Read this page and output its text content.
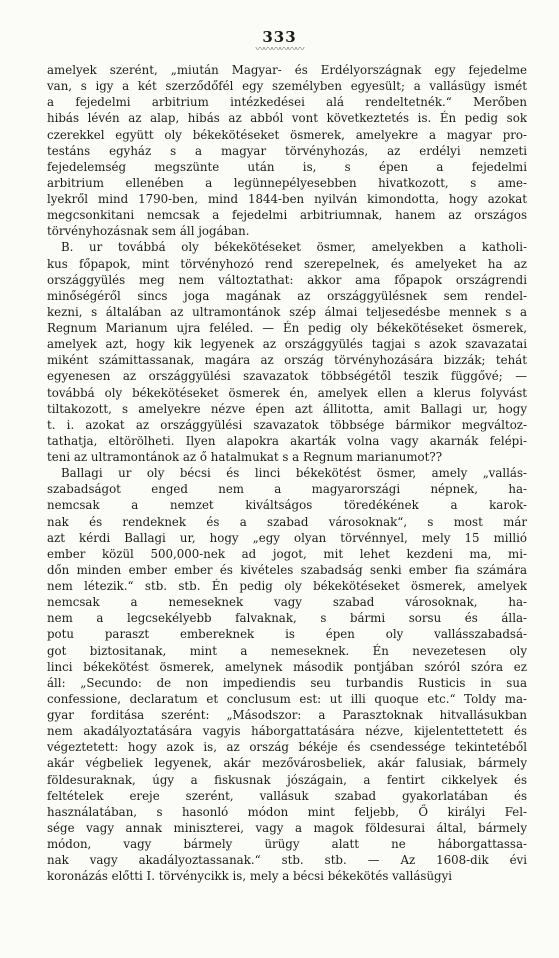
333
〰〰〰〰〰〰
amelyek szerént, „miután Magyar- és Erdélyországnak egy fejedelme
van, s igy a két szerződőfél egy személyben egyesült; a vallásügy ismét
a fejedelmi arbitrium intézkedései alá rendeltetnék.“ Merőben
hibás lévén az alap, hibás az abból vont következtetés is. Én pedig sok
czerekkel együtt oly békekötéseket ösmerek, amelyekre a magyar pro-
testáns egyház s a magyar törvényhozás, az erdélyi nemzeti
fejedelemség megszünte után is, s épen a fejedelmi
arbitrium ellenében a legünnepélyesebben hivatkozott, s ame-
lyekről mind 1790-ben, mind 1844-ben nyilván kimondotta, hogy azokat
megcsonkitani nemcsak a fejedelmi arbitriumnak, hanem az országos
törvényhozásnak sem áll jogában.
B. ur továbbá oly békekötéseket ösmer, amelyekben a katholi-
kus főpapok, mint törvényhozó rend szerepelnek, és amelyeket ha az
országgyülés meg nem változtathat: akkor ama főpapok országrendi
minőségéről sincs joga magának az országgyülésnek sem rendel-
kezni, s általában az ultramontánok szép álmai teljesedésbe mennek s a
Regnum Marianum ujra feléled. — Én pedig oly békekötéseket ösmerek,
amelyek azt, hogy kik legyenek az országgyülés tagjai s azok szavazatai
miként számittassanak, magára az ország törvényhozására bizzák; tehát
egyenesen az országgyülési szavazatok többségétől teszik függővé; —
továbbá oly békekötéseket ösmerek én, amelyek ellen a klerus folyvást
tiltakozott, s amelyekre nézve épen azt állitotta, amit Ballagi ur, hogy
t. i. azokat az országgyülési szavazatok többsége bármikor megváltoz-
tathatja, eltörölheti. Ilyen alapokra akarták volna vagy akarnák felépi-
teni az ultramontánok az ő hatalmukat s a Regnum marianumot??
Ballagi ur oly bécsi és linci békekötést ösmer, amely „vallás-
szabadságot enged nem a magyarországi népnek, ha-
nemcsak a nemzet kiváltságos töredékének a karok-
nak és rendeknek és a szabad városoknak“, s most már
azt kérdi Ballagi ur, hogy „egy olyan törvénnyel, mely 15 millió
ember közül 500,000-nek ad jogot, mit lehet kezdeni ma, mi-
dőn minden ember ember és kivételes szabadság senki ember fia számára
nem létezik.“ stb. stb. Én pedig oly békekötéseket ösmerek, amelyek
nemcsak a nemeseknek vagy szabad városoknak, ha-
nem a legcsekélyebb falvaknak, s bármi sorsu és álla-
potu paraszt embereknek is épen oly vallásszabadsá-
got biztositanak, mint a nemeseknek. Én nevezetesen oly
linci békekötést ösmerek, amelynek második pontjában szóról szóra ez
áll: „Secundo: de non impediendis seu turbandis Rusticis in sua
confessione, declaratum et conclusum est: ut illi quoque etc.“ Toldy ma-
gyar forditása szerént: „Másodszor: a Parasztoknak hitvallásukban
nem akadályoztatására vagyis háborgattatására nézve, kijelentettetett és
végeztetett: hogy azok is, az ország békéje és csendessége tekintetéből
akár végbeliek legyenek, akár mezővárosbeliek, akár falusiak, bármely
földesuraknak, úgy a fiskusnak jószágain, a fentirt cikkelyek és
feltételek ereje szerént, vallásuk szabad gyakorlatában és
használatában, s hasonló módon mint feljebb, Ő királyi Fel-
sége vagy annak miniszterei, vagy a magok földesurai által, bármely
módon, vagy bármely ürügy alatt ne háborgattassa-
nak vagy akadályoztassanak.“ stb. stb. — Az 1608-dik évi
koronázás előtti I. törvénycikk is, mely a bécsi békekötés vallásügyi
